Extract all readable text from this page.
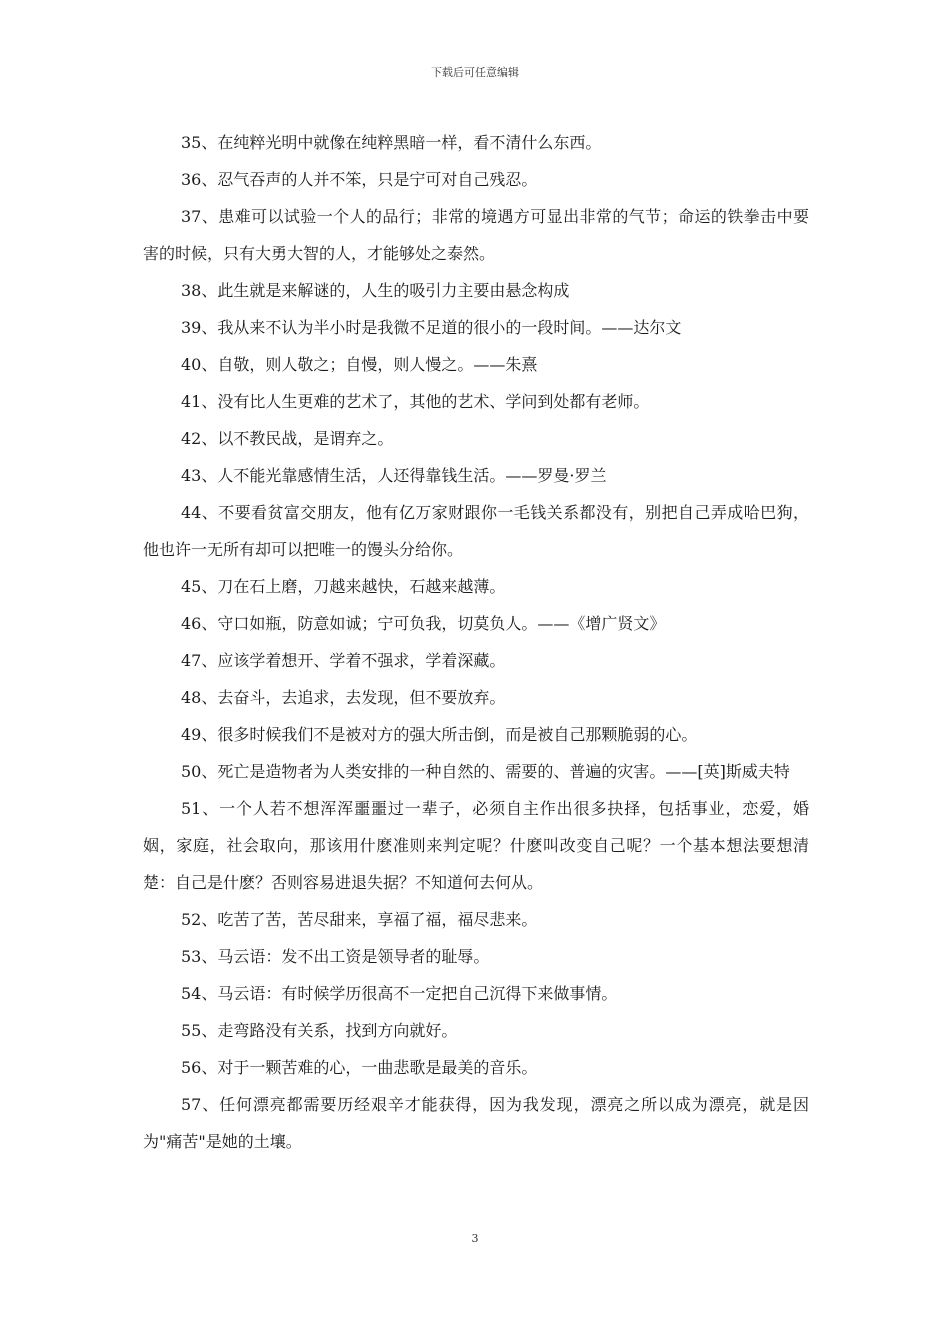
下载后可任意编辑

35、在纯粹光明中就像在纯粹黑暗一样，看不清什么东西。

36、忍气吞声的人并不笨，只是宁可对自己残忍。

37、患难可以试验一个人的品行；非常的境遇方可显出非常的气节；命运的铁拳击中要害的时候，只有大勇大智的人，才能够处之泰然。

38、此生就是来解谜的，人生的吸引力主要由悬念构成

39、我从来不认为半小时是我微不足道的很小的一段时间。——达尔文

40、自敬，则人敬之；自慢，则人慢之。——朱熹

41、没有比人生更难的艺术了，其他的艺术、学问到处都有老师。

42、以不教民战，是谓弃之。

43、人不能光靠感情生活，人还得靠钱生活。——罗曼·罗兰

44、不要看贫富交朋友，他有亿万家财跟你一毛钱关系都没有，别把自己弄成哈巴狗，他也许一无所有却可以把唯一的馒头分给你。

45、刀在石上磨，刀越来越快，石越来越薄。

46、守口如瓶，防意如诚；宁可负我，切莫负人。——《增广贤文》

47、应该学着想开、学着不强求，学着深藏。

48、去奋斗，去追求，去发现，但不要放弃。

49、很多时候我们不是被对方的强大所击倒，而是被自己那颗脆弱的心。

50、死亡是造物者为人类安排的一种自然的、需要的、普遍的灾害。——[英]斯威夫特

51、一个人若不想浑浑噩噩过一辈子，必须自主作出很多抉择，包括事业，恋爱，婚姻，家庭，社会取向，那该用什麽准则来判定呢？什麽叫改变自己呢？一个基本想法要想清楚：自己是什麽？否则容易进退失据？不知道何去何从。

52、吃苦了苦，苦尽甜来，享福了福，福尽悲来。

53、马云语：发不出工资是领导者的耻辱。

54、马云语：有时候学历很高不一定把自己沉得下来做事情。

55、走弯路没有关系，找到方向就好。

56、对于一颗苦难的心，一曲悲歌是最美的音乐。

57、任何漂亮都需要历经艰辛才能获得，因为我发现，漂亮之所以成为漂亮，就是因为"痛苦"是她的土壤。

3
